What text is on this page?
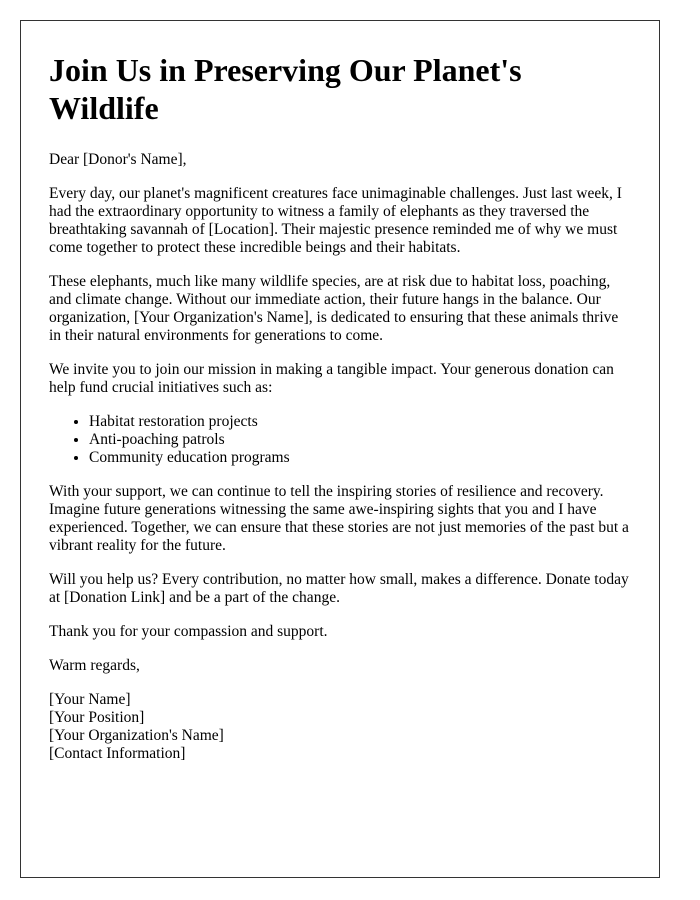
Join Us in Preserving Our Planet's Wildlife

Dear [Donor's Name],

Every day, our planet's magnificent creatures face unimaginable challenges. Just last week, I had the extraordinary opportunity to witness a family of elephants as they traversed the breathtaking savannah of [Location]. Their majestic presence reminded me of why we must come together to protect these incredible beings and their habitats.

These elephants, much like many wildlife species, are at risk due to habitat loss, poaching, and climate change. Without our immediate action, their future hangs in the balance. Our organization, [Your Organization's Name], is dedicated to ensuring that these animals thrive in their natural environments for generations to come.

We invite you to join our mission in making a tangible impact. Your generous donation can help fund crucial initiatives such as:

• Habitat restoration projects
• Anti-poaching patrols
• Community education programs

With your support, we can continue to tell the inspiring stories of resilience and recovery. Imagine future generations witnessing the same awe-inspiring sights that you and I have experienced. Together, we can ensure that these stories are not just memories of the past but a vibrant reality for the future.

Will you help us? Every contribution, no matter how small, makes a difference. Donate today at [Donation Link] and be a part of the change.

Thank you for your compassion and support.

Warm regards,

[Your Name]
[Your Position]
[Your Organization's Name]
[Contact Information]
